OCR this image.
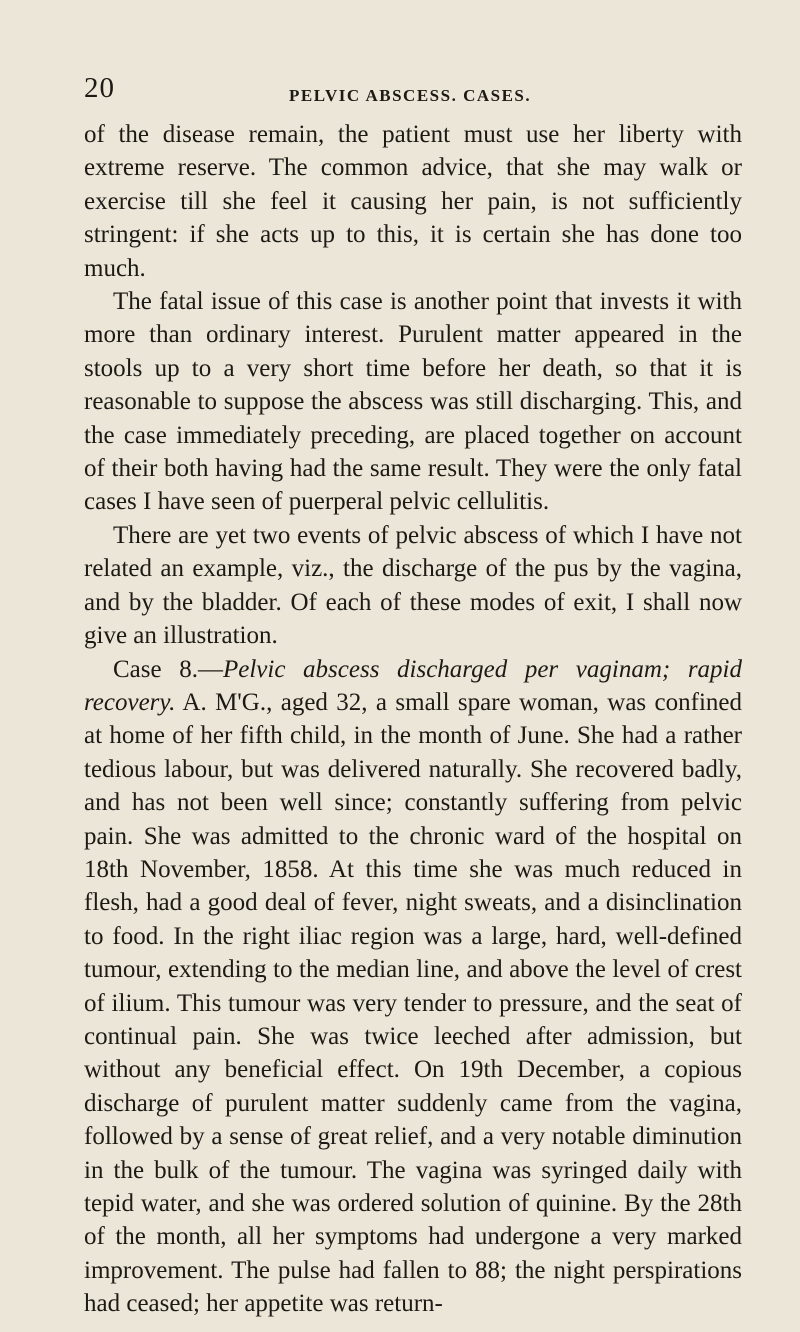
20	PELVIC ABSCESS. CASES.

of the disease remain, the patient must use her liberty with extreme reserve. The common advice, that she may walk or exercise till she feel it causing her pain, is not sufficiently stringent: if she acts up to this, it is certain she has done too much.

The fatal issue of this case is another point that invests it with more than ordinary interest. Purulent matter appeared in the stools up to a very short time before her death, so that it is reasonable to suppose the abscess was still discharging. This, and the case immediately preceding, are placed together on account of their both having had the same result. They were the only fatal cases I have seen of puerperal pelvic cellulitis.

There are yet two events of pelvic abscess of which I have not related an example, viz., the discharge of the pus by the vagina, and by the bladder. Of each of these modes of exit, I shall now give an illustration.

Case 8.—Pelvic abscess discharged per vaginam; rapid recovery. A. M'G., aged 32, a small spare woman, was confined at home of her fifth child, in the month of June. She had a rather tedious labour, but was delivered naturally. She recovered badly, and has not been well since; constantly suffering from pelvic pain. She was admitted to the chronic ward of the hospital on 18th November, 1858. At this time she was much reduced in flesh, had a good deal of fever, night sweats, and a disinclination to food. In the right iliac region was a large, hard, well-defined tumour, extending to the median line, and above the level of crest of ilium. This tumour was very tender to pressure, and the seat of continual pain. She was twice leeched after admission, but without any beneficial effect. On 19th December, a copious discharge of purulent matter suddenly came from the vagina, followed by a sense of great relief, and a very notable diminution in the bulk of the tumour. The vagina was syringed daily with tepid water, and she was ordered solution of quinine. By the 28th of the month, all her symptoms had undergone a very marked improvement. The pulse had fallen to 88; the night perspirations had ceased; her appetite was return-
